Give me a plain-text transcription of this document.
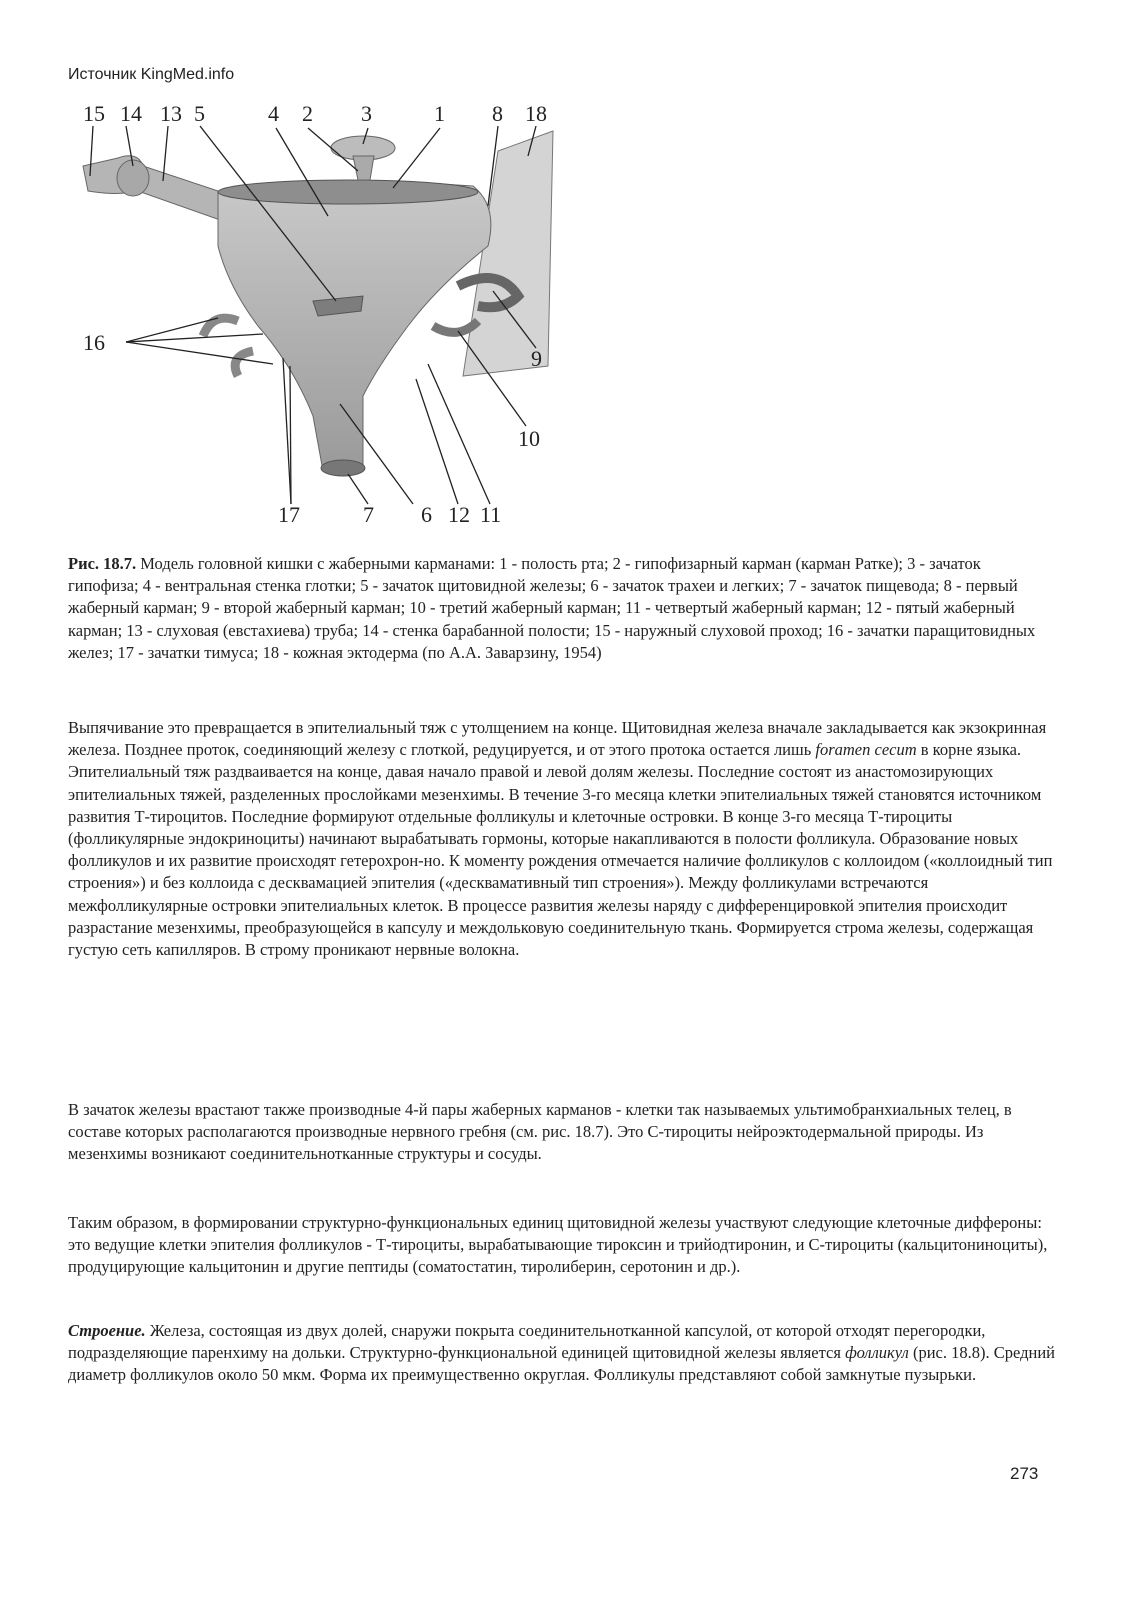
Источник KingMed.info
15 14 13 5	4 2 3	1 8 18
16
9
10
17	7 6 12 11
Рис. 18.7. Модель головной кишки с жаберными карманами: 1 - полость рта; 2 - гипофизарный карман (карман Ратке); 3 - зачаток гипофиза; 4 - вентральная стенка глотки; 5 - зачаток щитовидной железы; 6 - зачаток трахеи и легких; 7 - зачаток пищевода; 8 - первый жаберный карман; 9 - второй жаберный карман; 10 - третий жаберный карман; 11 - четвертый жаберный карман; 12 - пятый жаберный карман; 13 - слуховая (евстахиева) труба; 14 - стенка барабанной полости; 15 - наружный слуховой проход; 16 - зачатки паращитовидных желез; 17 - зачатки тимуса; 18 - кожная эктодерма (по А.А. Заварзину, 1954)
Выпячивание это превращается в эпителиальный тяж с утолщением на конце. Щитовидная железа вначале закладывается как экзокринная железа. Позднее проток, соединяющий железу с глоткой, редуцируется, и от этого протока остается лишь foramen cecum в корне языка. Эпителиальный тяж раздваивается на конце, давая начало правой и левой долям железы. Последние состоят из анастомозирующих эпителиальных тяжей, разделенных прослойками мезенхимы. В течение 3-го месяца клетки эпителиальных тяжей становятся источником развития Т-тироцитов. Последние формируют отдельные фолликулы и клеточные островки. В конце 3-го месяца Т-тироциты (фолликулярные эндокриноциты) начинают вырабатывать гормоны, которые накапливаются в полости фолликула. Образование новых фолликулов и их развитие происходят гетерохрон-но. К моменту рождения отмечается наличие фолликулов с коллоидом («коллоидный тип строения») и без коллоида с десквамацией эпителия («десквамативный тип строения»). Между фолликулами встречаются межфолликулярные островки эпителиальных клеток. В процессе развития железы наряду с дифференцировкой эпителия происходит разрастание мезенхимы, преобразующейся в капсулу и междольковую соединительную ткань. Формируется строма железы, содержащая густую сеть капилляров. В строму проникают нервные волокна.
В зачаток железы врастают также производные 4-й пары жаберных карманов - клетки так называемых ультимобранхиальных телец, в составе которых располагаются производные нервного гребня (см. рис. 18.7). Это С-тироциты нейроэктодермальной природы. Из мезенхимы возникают соединительнотканные структуры и сосуды.
Таким образом, в формировании структурно-функциональных единиц щитовидной железы участвуют следующие клеточные диффероны: это ведущие клетки эпителия фолликулов - Т-тироциты, вырабатывающие тироксин и трийодтиронин, и С-тироциты (кальцитониноциты), продуцирующие кальцитонин и другие пептиды (соматостатин, тиролиберин, серотонин и др.).
Строение. Железа, состоящая из двух долей, снаружи покрыта соединительнотканной капсулой, от которой отходят перегородки, подразделяющие паренхиму на дольки. Структурно-функциональной единицей щитовидной железы является фолликул (рис. 18.8). Средний диаметр фолликулов около 50 мкм. Форма их преимущественно округлая. Фолликулы представляют собой замкнутые пузырьки.
273
